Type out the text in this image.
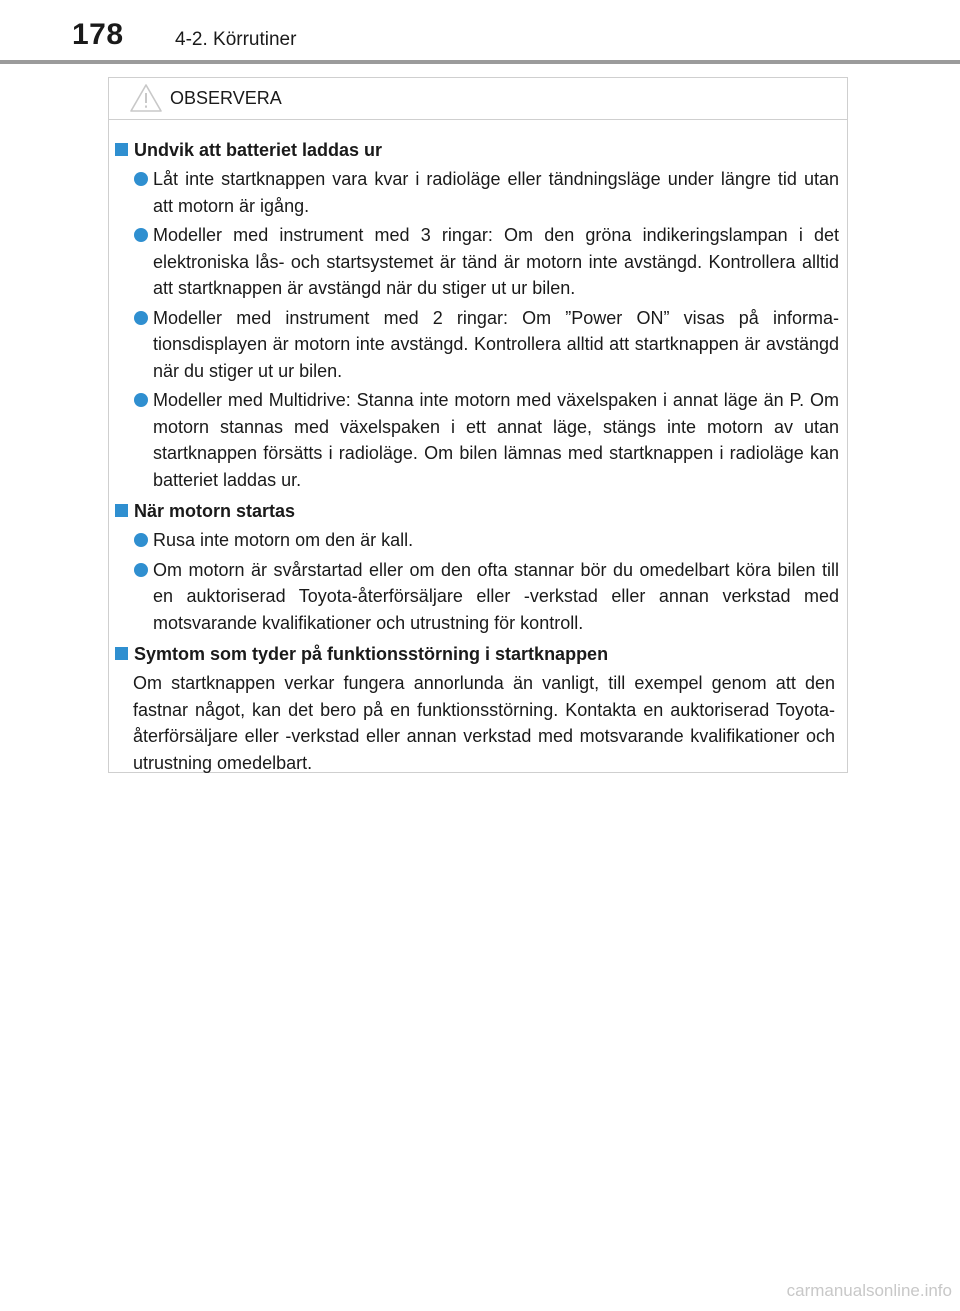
178	4-2. Körrutiner
OBSERVERA
Undvik att batteriet laddas ur
Låt inte startknappen vara kvar i radioläge eller tändningsläge under längre tid utan att motorn är igång.
Modeller med instrument med 3 ringar: Om den gröna indikeringslampan i det elektroniska lås- och startsystemet är tänd är motorn inte avstängd. Kontrollera alltid att startknappen är avstängd när du stiger ut ur bilen.
Modeller med instrument med 2 ringar: Om ”Power ON” visas på informationsdisplayen är motorn inte avstängd. Kontrollera alltid att startknappen är avstängd när du stiger ut ur bilen.
Modeller med Multidrive: Stanna inte motorn med växelspaken i annat läge än P. Om motorn stannas med växelspaken i ett annat läge, stängs inte motorn av utan startknappen försätts i radioläge. Om bilen lämnas med startknappen i radioläge kan batteriet laddas ur.
När motorn startas
Rusa inte motorn om den är kall.
Om motorn är svårstartad eller om den ofta stannar bör du omedelbart köra bilen till en auktoriserad Toyota-återförsäljare eller -verkstad eller annan verkstad med motsvarande kvalifikationer och utrustning för kontroll.
Symtom som tyder på funktionsstörning i startknappen
Om startknappen verkar fungera annorlunda än vanligt, till exempel genom att den fastnar något, kan det bero på en funktionsstörning. Kontakta en auktoriserad Toyota-återförsäljare eller -verkstad eller annan verkstad med motsvarande kvalifikationer och utrustning omedelbart.
carmanualsonline.info
